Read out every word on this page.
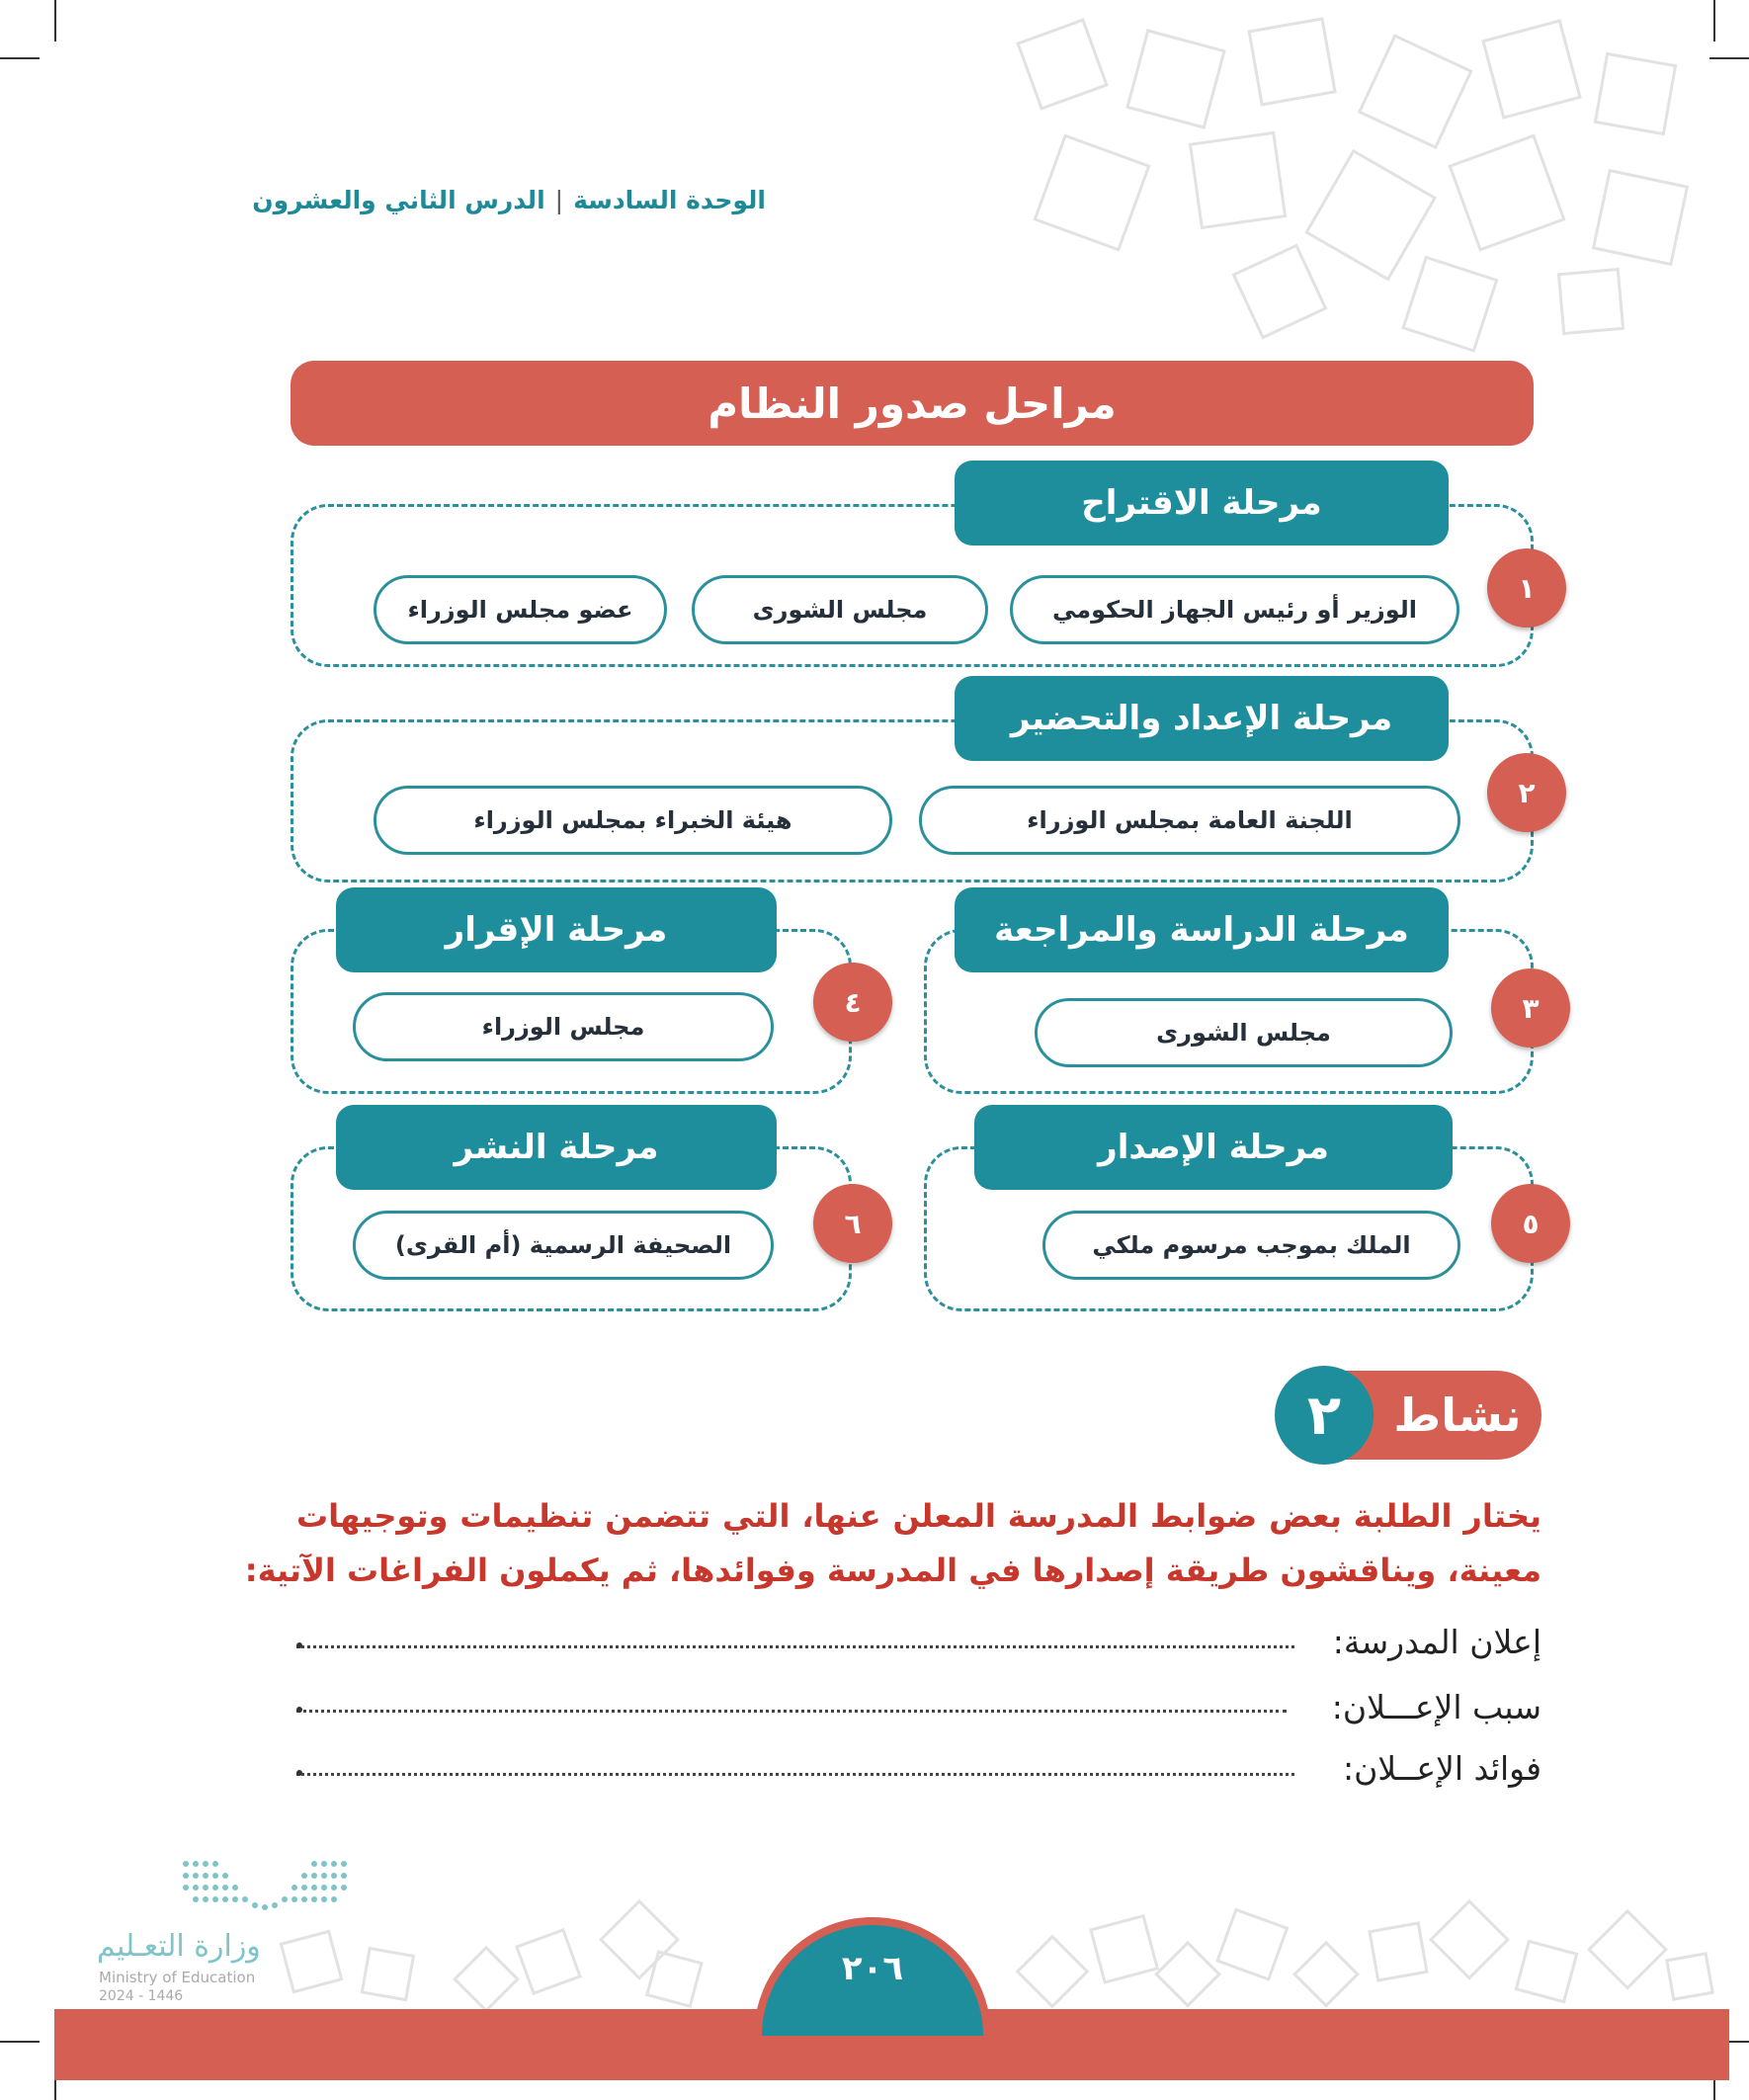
الوحدة السادسة|الدرس الثاني والعشرون
مراحل صدور النظام
مرحلة الاقتراح
الوزير أو رئيس الجهاز الحكومي
مجلس الشورى
عضو مجلس الوزراء
١
مرحلة الإعداد والتحضير
اللجنة العامة بمجلس الوزراء
هيئة الخبراء بمجلس الوزراء
٢
مرحلة الدراسة والمراجعة
مجلس الشورى
٣
مرحلة الإقرار
مجلس الوزراء
٤
مرحلة الإصدار
الملك بموجب مرسوم ملكي
٥
مرحلة النشر
الصحيفة الرسمية (أم القرى)
٦
نشاط
٢
يختار الطلبة بعض ضوابط المدرسة المعلن عنها، التي تتضمن تنظيمات وتوجيهات
معينة، ويناقشون طريقة إصدارها في المدرسة وفوائدها، ثم يكملون الفراغات الآتية:
إعلان المدرسة:
سبب الإعـــلان:
فوائد الإعــلان:
وزارة التعـليم
Ministry of Education
2024 - 1446
٢٠٦
